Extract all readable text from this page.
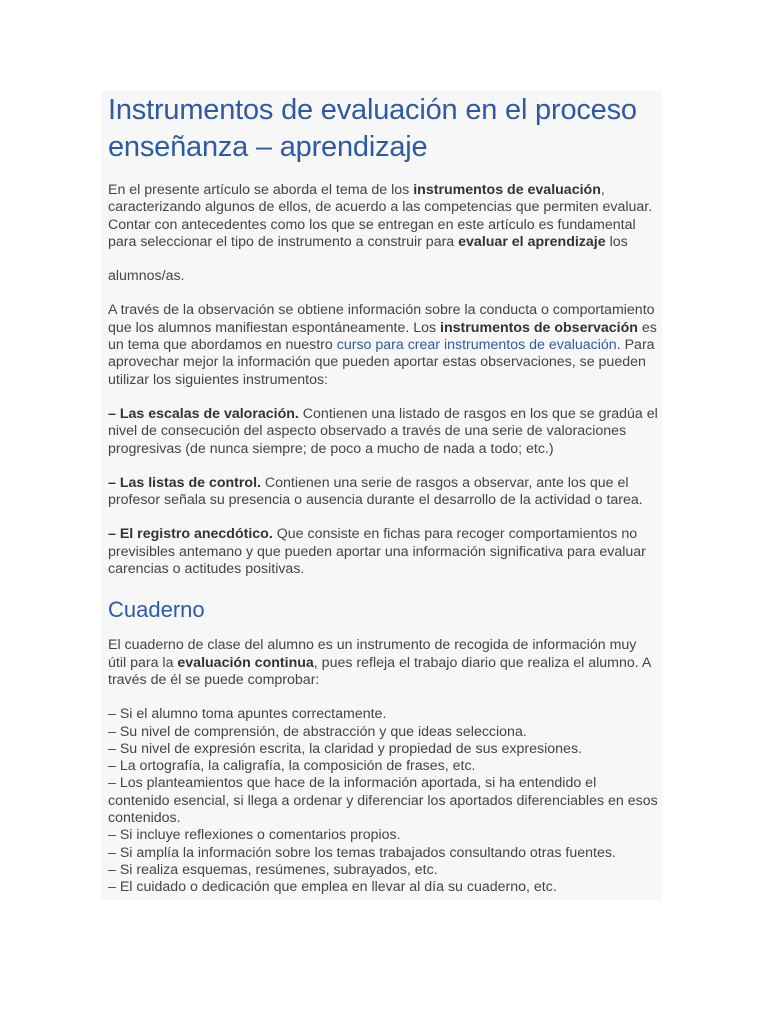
Instrumentos de evaluación en el proceso enseñanza – aprendizaje

En el presente artículo se aborda el tema de los instrumentos de evaluación, caracterizando algunos de ellos, de acuerdo a las competencias que permiten evaluar. Contar con antecedentes como los que se entregan en este artículo es fundamental para seleccionar el tipo de instrumento a construir para evaluar el aprendizaje los

alumnos/as.

A través de la observación se obtiene información sobre la conducta o comportamiento que los alumnos manifiestan espontáneamente. Los instrumentos de observación es un tema que abordamos en nuestro curso para crear instrumentos de evaluación. Para aprovechar mejor la información que pueden aportar estas observaciones, se pueden utilizar los siguientes instrumentos:

– Las escalas de valoración. Contienen una listado de rasgos en los que se gradúa el nivel de consecución del aspecto observado a través de una serie de valoraciones progresivas (de nunca siempre; de poco a mucho de nada a todo; etc.)

– Las listas de control. Contienen una serie de rasgos a observar, ante los que el profesor señala su presencia o ausencia durante el desarrollo de la actividad o tarea.

– El registro anecdótico. Que consiste en fichas para recoger comportamientos no previsibles antemano y que pueden aportar una información significativa para evaluar carencias o actitudes positivas.

Cuaderno

El cuaderno de clase del alumno es un instrumento de recogida de información muy útil para la evaluación continua, pues refleja el trabajo diario que realiza el alumno. A través de él se puede comprobar:

– Si el alumno toma apuntes correctamente.
– Su nivel de comprensión, de abstracción y que ideas selecciona.
– Su nivel de expresión escrita, la claridad y propiedad de sus expresiones.
– La ortografía, la caligrafía, la composición de frases, etc.
– Los planteamientos que hace de la información aportada, si ha entendido el contenido esencial, si llega a ordenar y diferenciar los aportados diferenciables en esos contenidos.
– Si incluye reflexiones o comentarios propios.
– Si amplía la información sobre los temas trabajados consultando otras fuentes.
– Si realiza esquemas, resúmenes, subrayados, etc.
– El cuidado o dedicación que emplea en llevar al día su cuaderno, etc.
